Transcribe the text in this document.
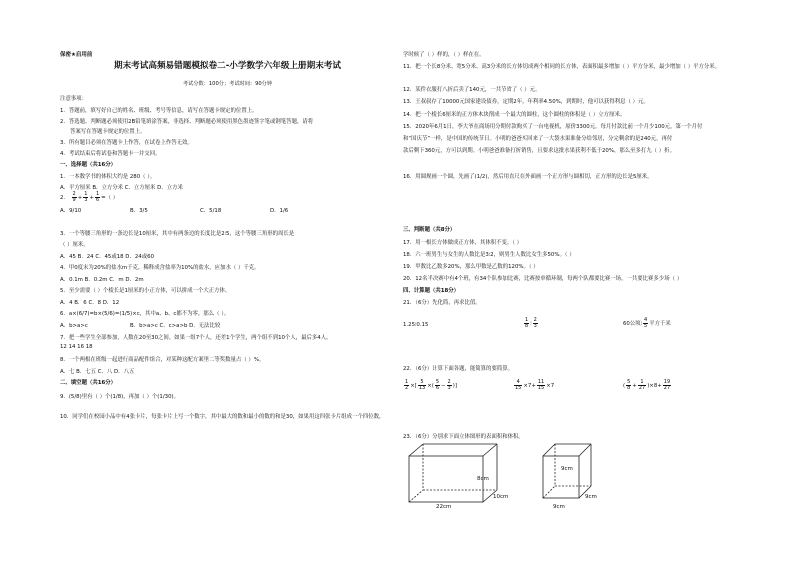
保密★启用前
期末考试高频易错题模拟卷二-小学数学六年级上册期末考试
考试分数：100分；考试时间：90分钟
注意事项：
1．答题前，填写好自己的姓名、班级、考号等信息，请写在答题卡规定的位置上。
2．答选题、判断题必须使用2B铅笔填涂答案，非选择、判断题必须使用黑色墨迹签字笔或钢笔答题，请将
答案写在答题卡规定的位置上。
3．所有题目必须在答题卡上作答，在试卷上作答无效。
4．考试结束后将试卷和答题卡一并交回。
一、选择题（共16分）
1．一本数学书的体积大约是 280（ ）。
A．平方厘米 B．立方分米 C．立方厘米 D．立方米
2． $\frac{2}{9} + \frac{1}{3} + \frac{1}{6}$ =（ ）
A．9/10	B．3/5	C．5/18	D．1/6
3．一个等腰三角形的一条边长是10厘米，其中有两条边的长度比是2∶5，这个等腰三角形的周长是
（ ）厘米。
A．45 B．24 C．45或18 D．24或60
4．甲0度末为20%的盐水m千克，稀释成含盐率为10%的盐水，应加水（ ）千克。
A．0.1m B．0.2m C．m D．2m
5．至少需要（ ）个棱长是1厘米的小正方体，可以拼成一个大正方体。
A．4 B．6 C．8 D．12
6．a×(6/7)=b×(5/6)=(1/5)×c，其中a、b、c都不为零，那么（ ）。
A．b>a>c	B．b>a>c C．c>a>b D．无法比较
7．把一些学生全部参加，人数在20至30之间。如果一组7个人，还差1个学生，两个组不到10个人，最后多4人。
12 14 16 18
8．一个两根在班级一起进行商品配件组合，对某种这配方案里二等奖数量占（ ）%。
A．七 B．七五 C．八 D．八五
二、填空题（共16分）
9．(5/8)里有（ ）个(1/8)，再加（ ）个(1/30)。
10．同学们在校园小品中有4张卡片，每张卡片上写一个数字，其中最大的数和最小的数的和是30，如果用这四张卡片组成一个四位数，
学时候了（ ）样的，（ ）样在在。
11．把一个长8分米、宽5分米、高3分米的长方体切成两个相同的长方体，表面积最多增加（ ）平方分米，最少增加（ ）平方分米。
12．某件衣服打八折后卖了140元，一共节省了（ ）元。
13．王叔叔存了10000元国家建设债券，定期2年，年利率4.50%，到期时，他可以获得利息（ ）元。
14．把一个棱长6厘米的正方体木块削成一个最大的圆柱，这个圆柱的体积是（ ）立方厘米。
15．2020年6月1日，李大爷在商场用分期付款购买了一台电视机，原价3300元。每月付款比前一个月少100元，第一个月付
和“国庆节”一样，是中国的传统节日。小明的爸爸买回来了一大袋水果准备分给邻居，分完剩余的是240元，再付
款后剩下360元，方可以到期。小明爸爸准备打折销售，且要求这批水果获利不低于20%，那么至多打九（ ）折。
16．用圆规画一个圆，先画了(1/2)，然后用直尺在外面画一个正方形与圆相切，正方形的边长是5厘米。
三、判断题（共8分）
17．用一根长方体做成正方体，其体积不变。（ ）
18．六一班男生与女生的人数比是3∶2，则男生人数比女生多50%。（ ）
19．甲数比乙数多20%，那么甲数是乙数的120%。（ ）
20．12名半决赛中有4个班，有34个队参加比赛，比赛按单循环制，每两个队都要比赛一场，一共要比赛多少场（ ）
四、计算题（共18分）
21．（6分）先化简，再求比值。
1.25∶0.15	$\frac{1}{8}$ ∶ $\frac{2}{3}$	60公顷∶ $\frac{4}{5}$ 平方千米
22．（6分）计算下面各题，能简算的要简算。
$\frac{1}{2}$ ×[ $\frac{5}{13}$ ×( $\frac{5}{6} - \frac{2}{3}$ )]	$\frac{4}{15} \times 7+ \frac{11}{15} \times 7$	( $\frac{5}{8} + \frac{1}{27} )\times 8+ \frac{19}{27}$
23．（6分）分别求下面立体图形的表面积和体积。
8cm
10cm
22cm
9cm
9cm
9cm
